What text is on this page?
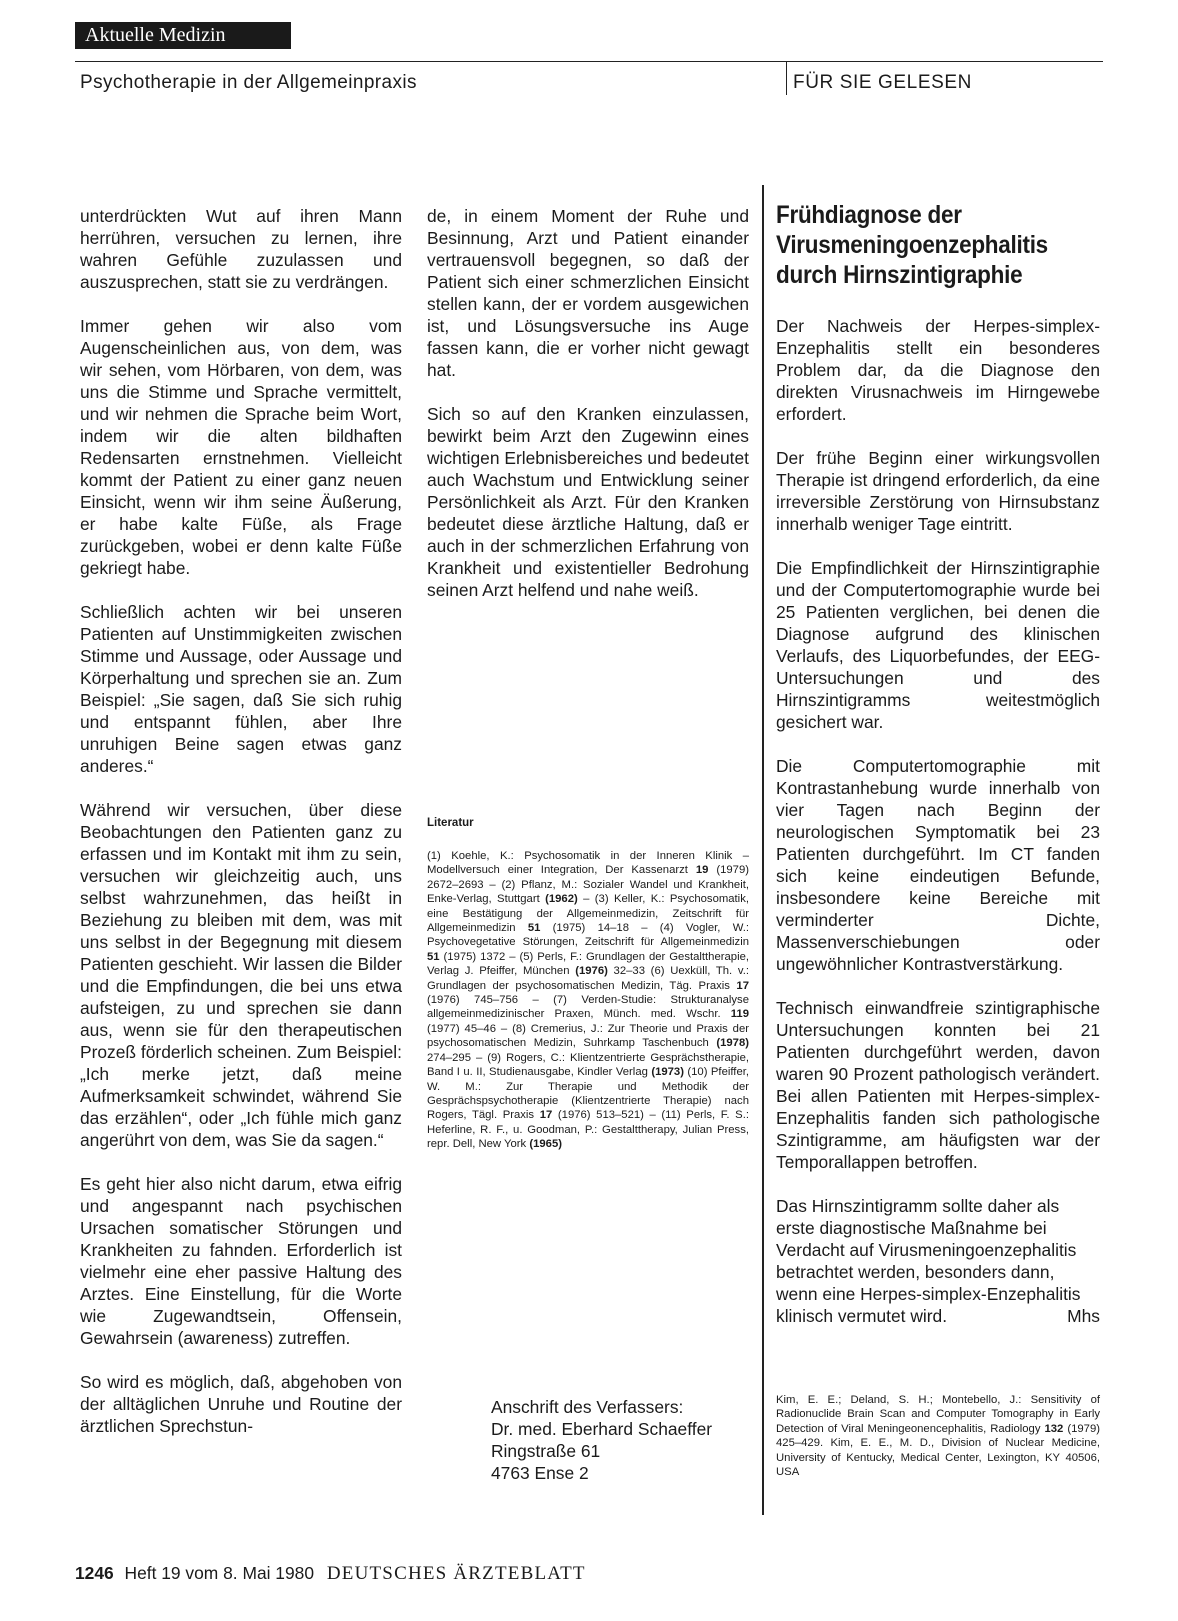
Aktuelle Medizin
Psychotherapie in der Allgemeinpraxis	FÜR SIE GELESEN

unterdrückten Wut auf ihren Mann herrühren, versuchen zu lernen, ihre wahren Gefühle zuzulassen und auszusprechen, statt sie zu verdrängen.

Immer gehen wir also vom Augenscheinlichen aus, von dem, was wir sehen, vom Hörbaren, von dem, was uns die Stimme und Sprache vermittelt, und wir nehmen die Sprache beim Wort, indem wir die alten bildhaften Redensarten ernstnehmen. Vielleicht kommt der Patient zu einer ganz neuen Einsicht, wenn wir ihm seine Äußerung, er habe kalte Füße, als Frage zurückgeben, wobei er denn kalte Füße gekriegt habe.

Schließlich achten wir bei unseren Patienten auf Unstimmigkeiten zwischen Stimme und Aussage, oder Aussage und Körperhaltung und sprechen sie an. Zum Beispiel: „Sie sagen, daß Sie sich ruhig und entspannt fühlen, aber Ihre unruhigen Beine sagen etwas ganz anderes.“

Während wir versuchen, über diese Beobachtungen den Patienten ganz zu erfassen und im Kontakt mit ihm zu sein, versuchen wir gleichzeitig auch, uns selbst wahrzunehmen, das heißt in Beziehung zu bleiben mit dem, was mit uns selbst in der Begegnung mit diesem Patienten geschieht. Wir lassen die Bilder und die Empfindungen, die bei uns etwa aufsteigen, zu und sprechen sie dann aus, wenn sie für den therapeutischen Prozeß förderlich scheinen. Zum Beispiel: „Ich merke jetzt, daß meine Aufmerksamkeit schwindet, während Sie das erzählen“, oder „Ich fühle mich ganz angerührt von dem, was Sie da sagen.“

Es geht hier also nicht darum, etwa eifrig und angespannt nach psychischen Ursachen somatischer Störungen und Krankheiten zu fahnden. Erforderlich ist vielmehr eine eher passive Haltung des Arztes. Eine Einstellung, für die Worte wie Zugewandtsein, Offensein, Gewahrsein (awareness) zutreffen.

So wird es möglich, daß, abgehoben von der alltäglichen Unruhe und Routine der ärztlichen Sprechstun-

de, in einem Moment der Ruhe und Besinnung, Arzt und Patient einander vertrauensvoll begegnen, so daß der Patient sich einer schmerzlichen Einsicht stellen kann, der er vordem ausgewichen ist, und Lösungsversuche ins Auge fassen kann, die er vorher nicht gewagt hat.

Sich so auf den Kranken einzulassen, bewirkt beim Arzt den Zugewinn eines wichtigen Erlebnisbereiches und bedeutet auch Wachstum und Entwicklung seiner Persönlichkeit als Arzt. Für den Kranken bedeutet diese ärztliche Haltung, daß er auch in der schmerzlichen Erfahrung von Krankheit und existentieller Bedrohung seinen Arzt helfend und nahe weiß.

Literatur
(1) Koehle, K.: Psychosomatik in der Inneren Klinik – Modellversuch einer Integration, Der Kassenarzt 19 (1979) 2672–2693 – (2) Pflanz, M.: Sozialer Wandel und Krankheit, Enke-Verlag, Stuttgart (1962) – (3) Keller, K.: Psychosomatik, eine Bestätigung der Allgemeinmedizin, Zeitschrift für Allgemeinmedizin 51 (1975) 14–18 – (4) Vogler, W.: Psychovegetative Störungen, Zeitschrift für Allgemeinmedizin 51 (1975) 1372 – (5) Perls, F.: Grundlagen der Gestalttherapie, Verlag J. Pfeiffer, München (1976) 32–33 (6) Uexküll, Th. v.: Grundlagen der psychosomatischen Medizin, Täg. Praxis 17 (1976) 745–756 – (7) Verden-Studie: Strukturanalyse allgemeinmedizinischer Praxen, Münch. med. Wschr. 119 (1977) 45–46 – (8) Cremerius, J.: Zur Theorie und Praxis der psychosomatischen Medizin, Suhrkamp Taschenbuch (1978) 274–295 – (9) Rogers, C.: Klientzentrierte Gesprächstherapie, Band I u. II, Studienausgabe, Kindler Verlag (1973) (10) Pfeiffer, W. M.: Zur Therapie und Methodik der Gesprächspsychotherapie (Klientzentrierte Therapie) nach Rogers, Tägl. Praxis 17 (1976) 513–521) – (11) Perls, F. S.: Heferline, R. F., u. Goodman, P.: Gestalttherapy, Julian Press, repr. Dell, New York (1965)
Anschrift des Verfassers:
Dr. med. Eberhard Schaeffer
Ringstraße 61
4763 Ense 2
Frühdiagnose der Virusmeningoenzephalitis durch Hirnszintigraphie

Der Nachweis der Herpes-simplex-Enzephalitis stellt ein besonderes Problem dar, da die Diagnose den direkten Virusnachweis im Hirngewebe erfordert.

Der frühe Beginn einer wirkungsvollen Therapie ist dringend erforderlich, da eine irreversible Zerstörung von Hirnsubstanz innerhalb weniger Tage eintritt.

Die Empfindlichkeit der Hirnszintigraphie und der Computertomographie wurde bei 25 Patienten verglichen, bei denen die Diagnose aufgrund des klinischen Verlaufs, des Liquorbefundes, der EEG-Untersuchungen und des Hirnszintigramms weitestmöglich gesichert war.

Die Computertomographie mit Kontrastanhebung wurde innerhalb von vier Tagen nach Beginn der neurologischen Symptomatik bei 23 Patienten durchgeführt. Im CT fanden sich keine eindeutigen Befunde, insbesondere keine Bereiche mit verminderter Dichte, Massenverschiebungen oder ungewöhnlicher Kontrastverstärkung.

Technisch einwandfreie szintigraphische Untersuchungen konnten bei 21 Patienten durchgeführt werden, davon waren 90 Prozent pathologisch verändert. Bei allen Patienten mit Herpes-simplex-Enzephalitis fanden sich pathologische Szintigramme, am häufigsten war der Temporallappen betroffen.

Das Hirnszintigramm sollte daher als erste diagnostische Maßnahme bei Verdacht auf Virusmeningoenzephalitis betrachtet werden, besonders dann, wenn eine Herpes-simplex-Enzephalitis klinisch vermutet wird.	Mhs

Kim, E. E.; Deland, S. H.; Montebello, J.: Sensitivity of Radionuclide Brain Scan and Computer Tomography in Early Detection of Viral Meningeonencephalitis, Radiology 132 (1979) 425–429. Kim, E. E., M. D., Division of Nuclear Medicine, University of Kentucky, Medical Center, Lexington, KY 40506, USA
1246 Heft 19 vom 8. Mai 1980 DEUTSCHES ÄRZTEBLATT
